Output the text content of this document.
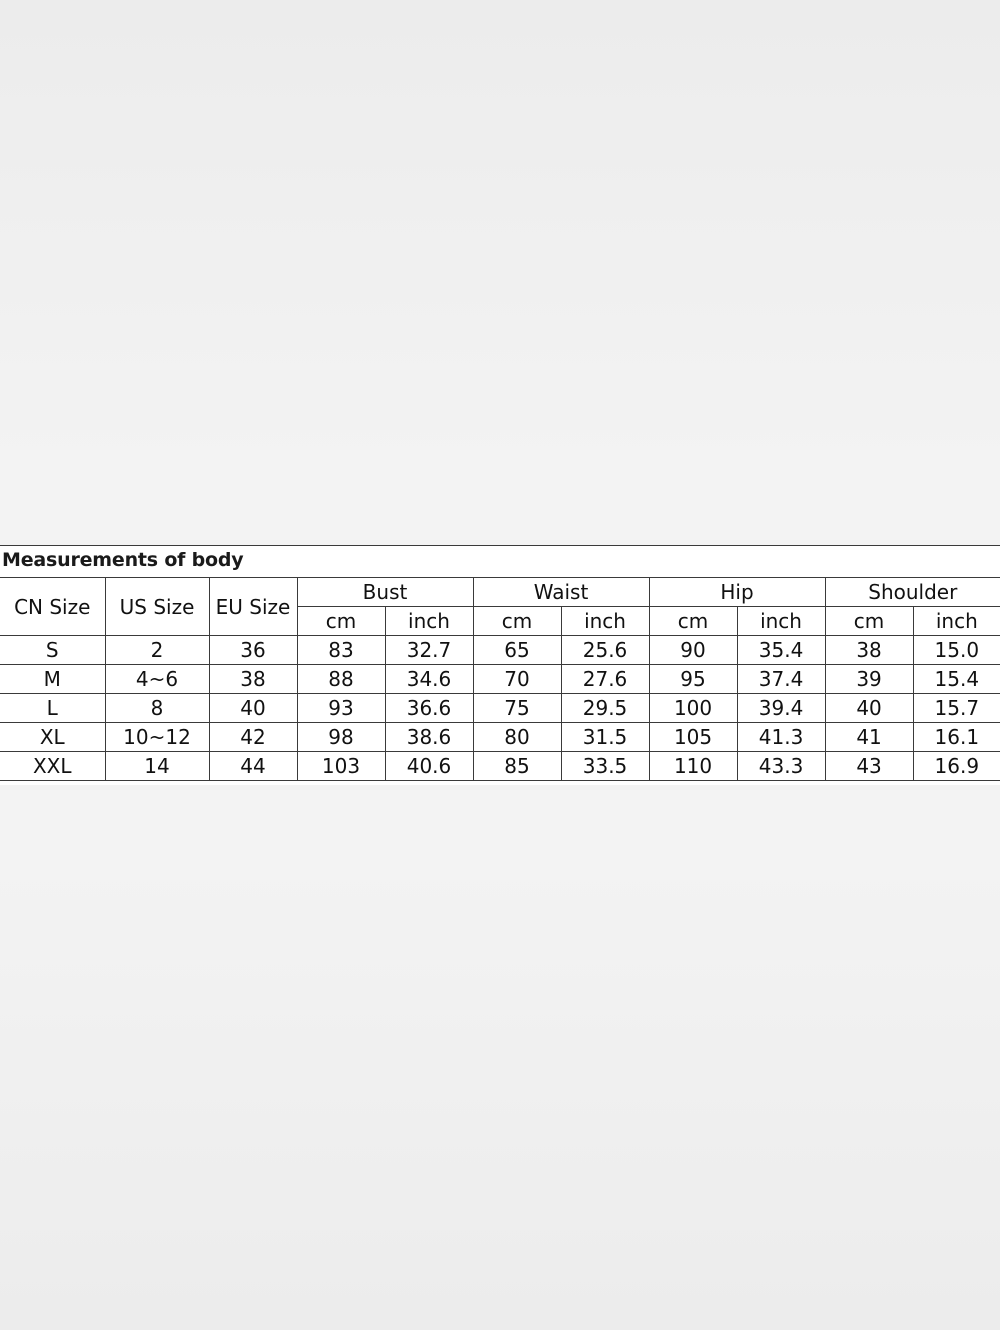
Measurements of body
CN Size	US Size	EU Size	Bust		Waist		Hip		Shoulder	
			cm	inch	cm	inch	cm	inch	cm	inch
S	2	36	83	32.7	65	25.6	90	35.4	38	15.0
M	4~6	38	88	34.6	70	27.6	95	37.4	39	15.4
L	8	40	93	36.6	75	29.5	100	39.4	40	15.7
XL	10~12	42	98	38.6	80	31.5	105	41.3	41	16.1
XXL	14	44	103	40.6	85	33.5	110	43.3	43	16.9
